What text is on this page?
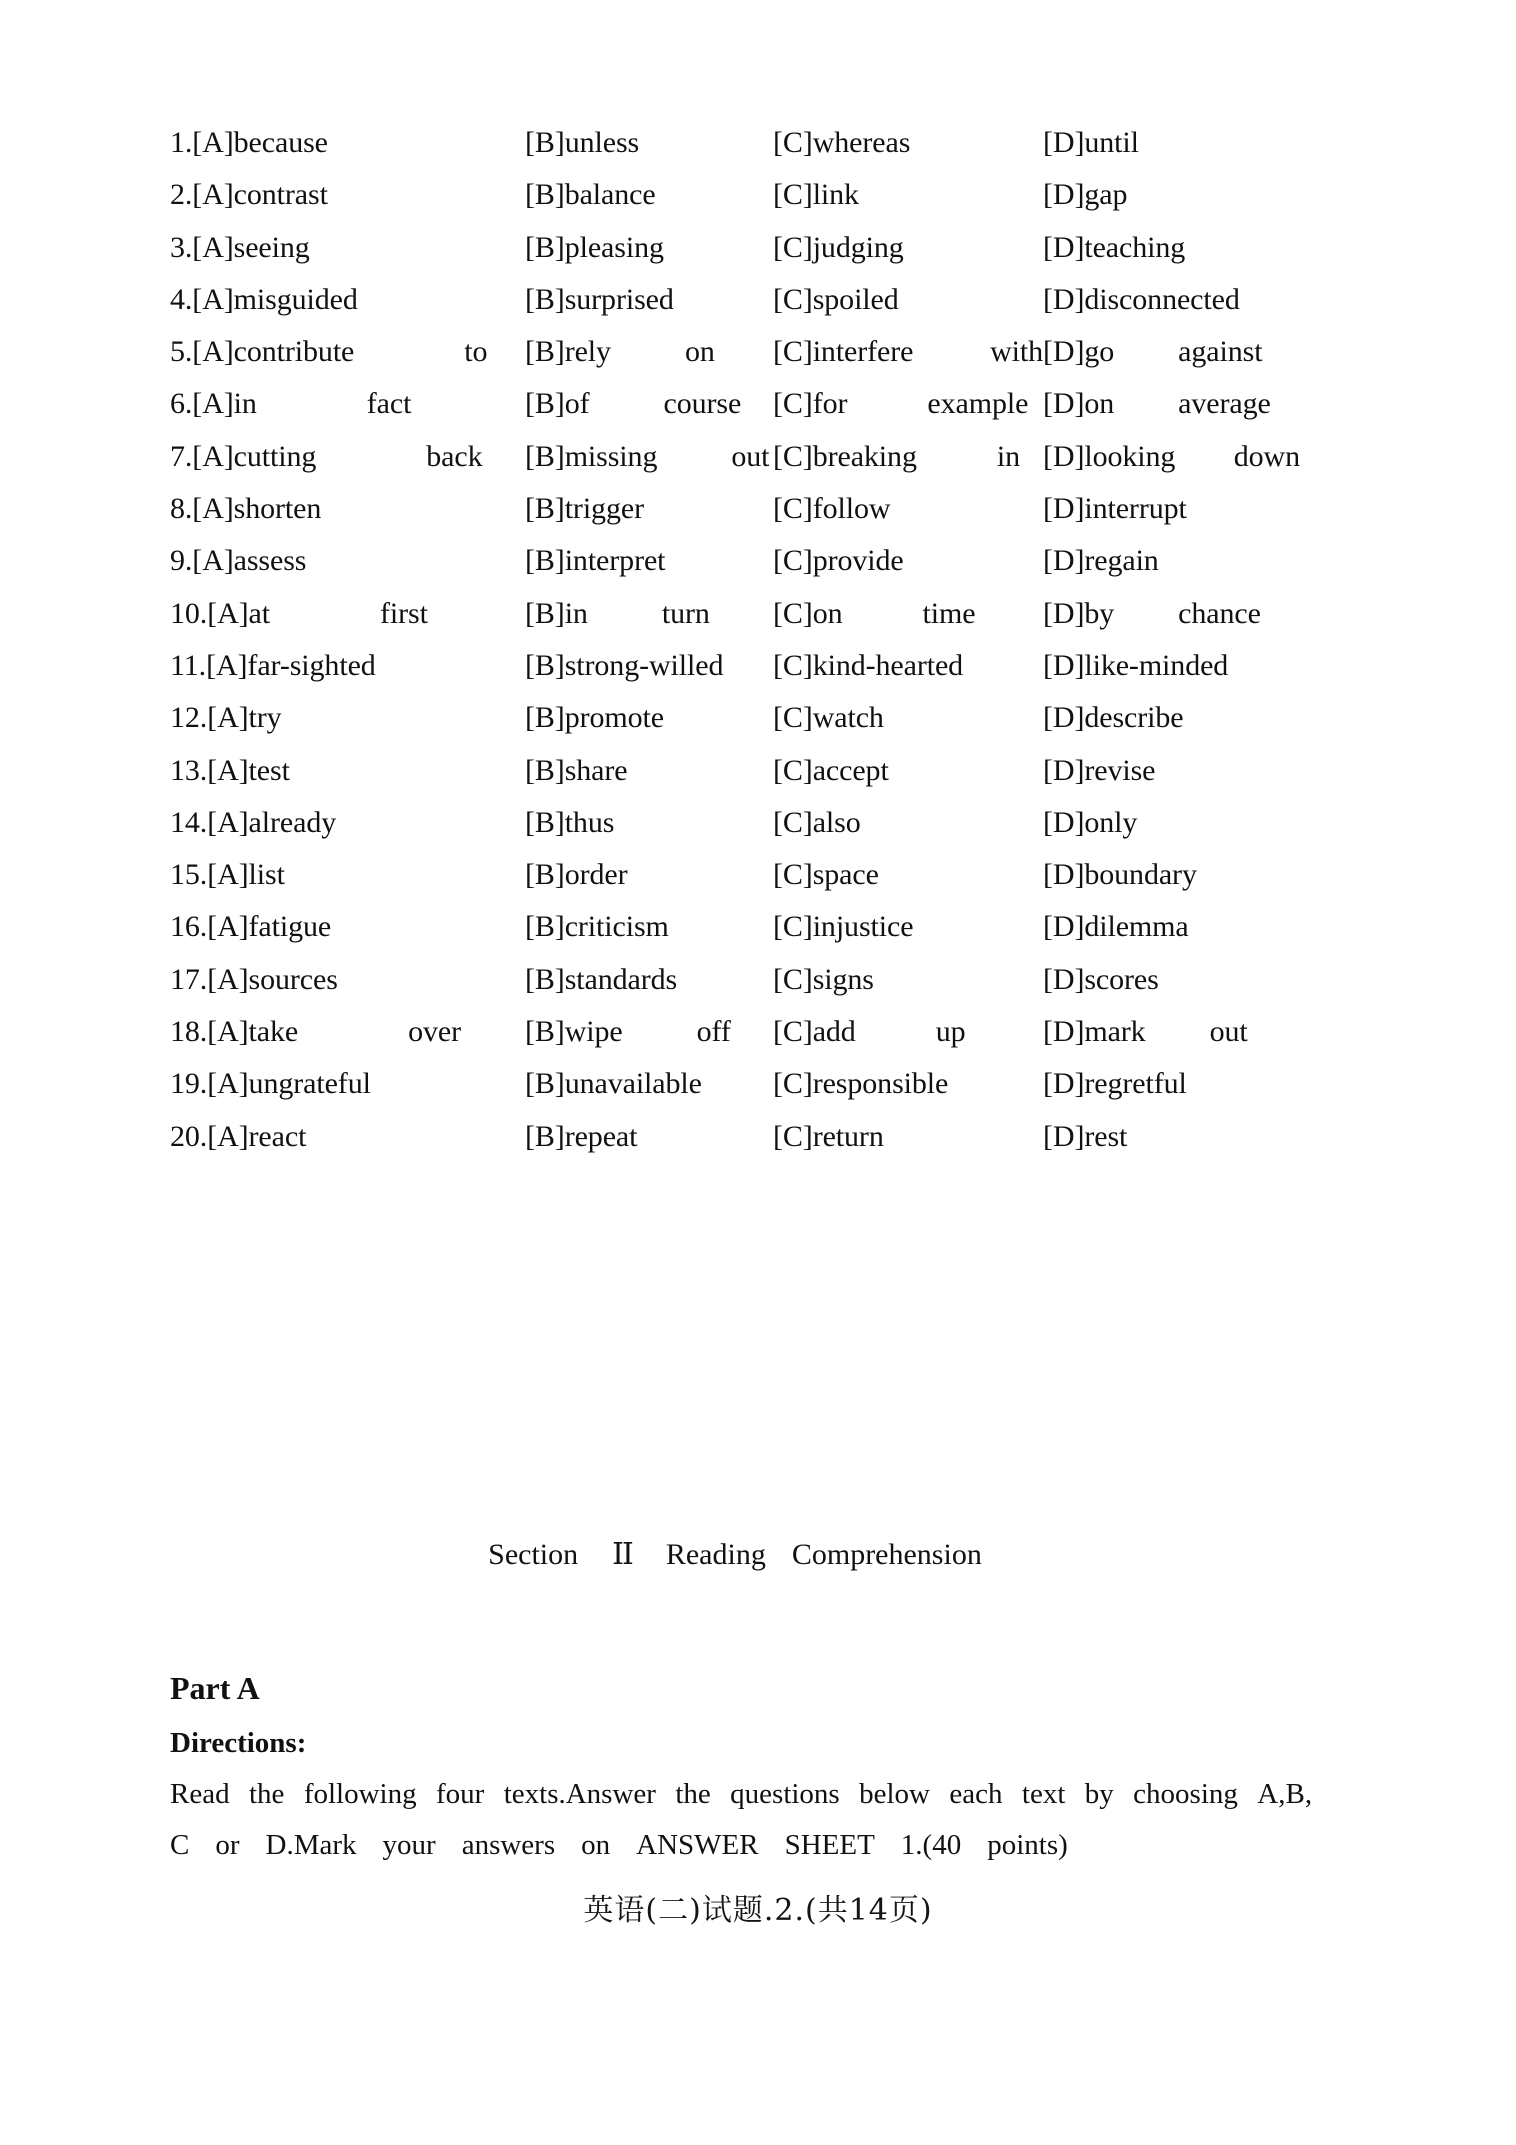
1.[A]because	[B]unless	[C]whereas	[D]until
2.[A]contrast	[B]balance	[C]link	[D]gap
3.[A]seeing	[B]pleasing	[C]judging	[D]teaching
4.[A]misguided	[B]surprised	[C]spoiled	[D]disconnected
5.[A]contribute	to [B]rely on [C]interfere	with [D]go against
6.[A]in	fact	[B]of course [C]for	example [D]on average
7.[A]cutting	back [B]missing out [C]breaking	in [D]looking down
8.[A]shorten	[B]trigger	[C]follow	[D]interrupt
9.[A]assess	[B]interpret	[C]provide	[D]regain
10.[A]at	first	[B]in turn [C]on	time [D]by chance
11.[A]far-sighted	[B]strong-willed	[C]kind-hearted	[D]like-minded
12.[A]try	[B]promote	[C]watch	[D]describe
13.[A]test	[B]share	[C]accept	[D]revise
14.[A]already	[B]thus	[C]also	[D]only
15.[A]list	[B]order	[C]space	[D]boundary
16.[A]fatigue	[B]criticism	[C]injustice	[D]dilemma
17.[A]sources	[B]standards	[C]signs	[D]scores
18.[A]take	over [B]wipe off [C]add	up	[D]mark out
19.[A]ungrateful	[B]unavailable	[C]responsible	[D]regretful
20.[A]react	[B]repeat	[C]return	[D]rest
Section II Reading Comprehension
Part A
Directions:
Read the following four texts.Answer the questions below each text by choosing A,B,
C or D.Mark your answers on ANSWER SHEET 1.(40 points)
英语(二)试题.2.(共14页)
